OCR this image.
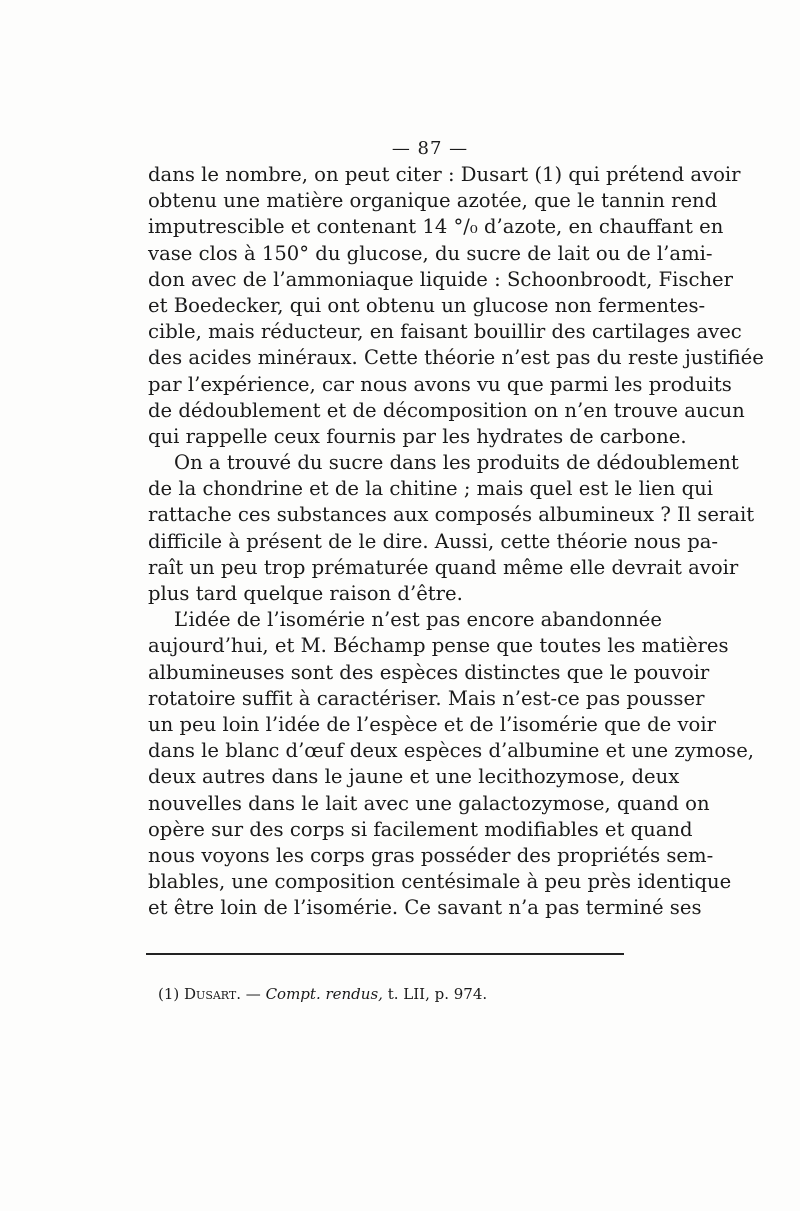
— 87 —
dans le nombre, on peut citer : Dusart (1) qui prétend avoir
obtenu une matière organique azotée, que le tannin rend
imputrescible et contenant 14 °/₀ d’azote, en chauffant en
vase clos à 150° du glucose, du sucre de lait ou de l’ami-
don avec de l’ammoniaque liquide : Schoonbroodt, Fischer
et Boedecker, qui ont obtenu un glucose non fermentes-
cible, mais réducteur, en faisant bouillir des cartilages avec
des acides minéraux. Cette théorie n’est pas du reste justifiée
par l’expérience, car nous avons vu que parmi les produits
de dédoublement et de décomposition on n’en trouve aucun
qui rappelle ceux fournis par les hydrates de carbone.
On a trouvé du sucre dans les produits de dédoublement
de la chondrine et de la chitine ; mais quel est le lien qui
rattache ces substances aux composés albumineux ? Il serait
difficile à présent de le dire. Aussi, cette théorie nous pa-
raît un peu trop prématurée quand même elle devrait avoir
plus tard quelque raison d’être.
L’idée de l’isomérie n’est pas encore abandonnée
aujourd’hui, et M. Béchamp pense que toutes les matières
albumineuses sont des espèces distinctes que le pouvoir
rotatoire suffit à caractériser. Mais n’est-ce pas pousser
un peu loin l’idée de l’espèce et de l’isomérie que de voir
dans le blanc d’œuf deux espèces d’albumine et une zymose,
deux autres dans le jaune et une lecithozymose, deux
nouvelles dans le lait avec une galactozymose, quand on
opère sur des corps si facilement modifiables et quand
nous voyons les corps gras posséder des propriétés sem-
blables, une composition centésimale à peu près identique
et être loin de l’isomérie. Ce savant n’a pas terminé ses
(1) Dusart. — Compt. rendus, t. LII, p. 974.
